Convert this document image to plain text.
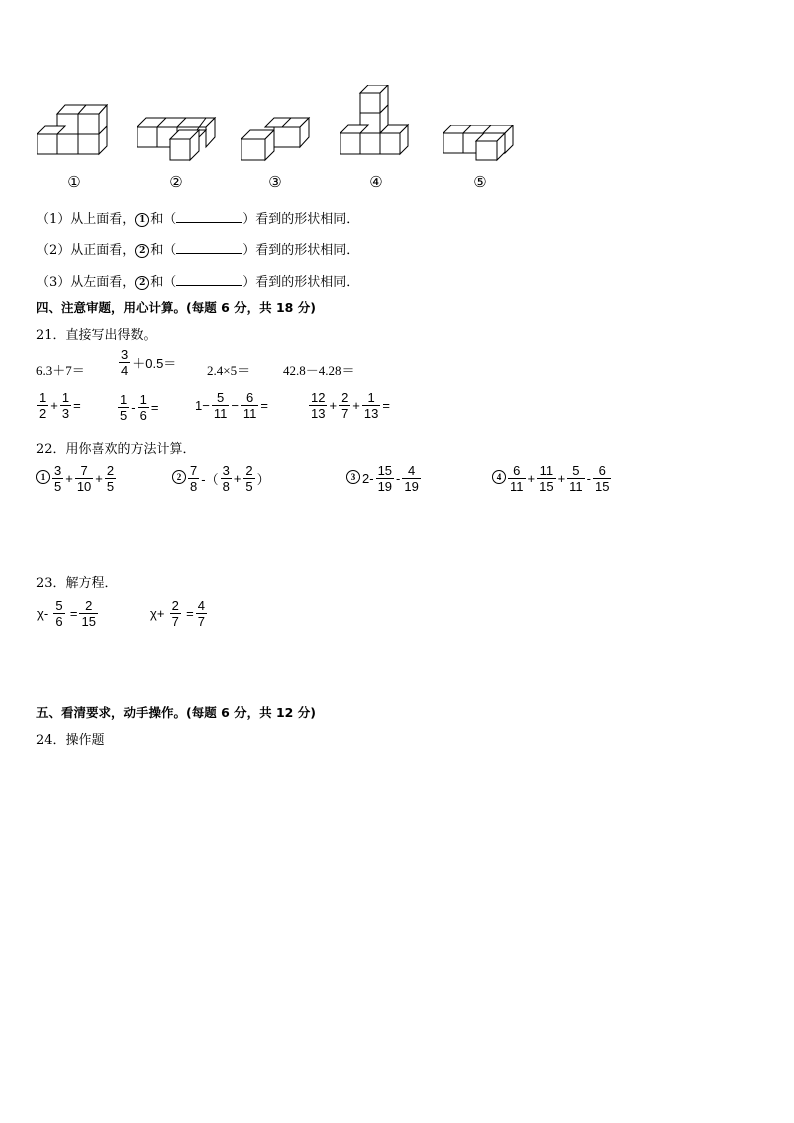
①	②	③	④	⑤
（1）从上面看， 1 和（	）看到的形状相同．
（2）从正面看， 2 和（	）看到的形状相同．
（3）从左面看， 2 和（	）看到的形状相同．
四、注意审题，用心计算。(每题 6 分，共 18 分)
21．直接写出得数。
6.3＋7＝	$\frac{3}{4} +0.5= 2.4\times 5=$	42.8－4.28＝
$\frac{1}{2} + \frac{1}{3}$ =	$\frac{1}{5} - \frac{1}{6}$ =	$1- \frac{5}{11} - \frac{6}{11}$ =	$\frac{12}{13} + \frac{2}{7} + \frac{1}{13}$ =
22．用你喜欢的方法计算．
$1 \frac{3}{5} + \frac{7}{10} + \frac{2}{5}$	$2 \frac{7}{8}$ -（ $\frac{3}{8} + \frac{2}{5}$ ）	3 $2- \frac{15}{19} - \frac{4}{19}$	$4 \frac{6}{11} + \frac{11}{15} + \frac{5}{11} - \frac{6}{15}$
23．解方程．
$\chi- \frac{5}{6} = \frac{2}{15}$	$\chi+ \frac{2}{7} = \frac{4}{7}$
五、看清要求，动手操作。(每题 6 分，共 12 分)
24．操作题
